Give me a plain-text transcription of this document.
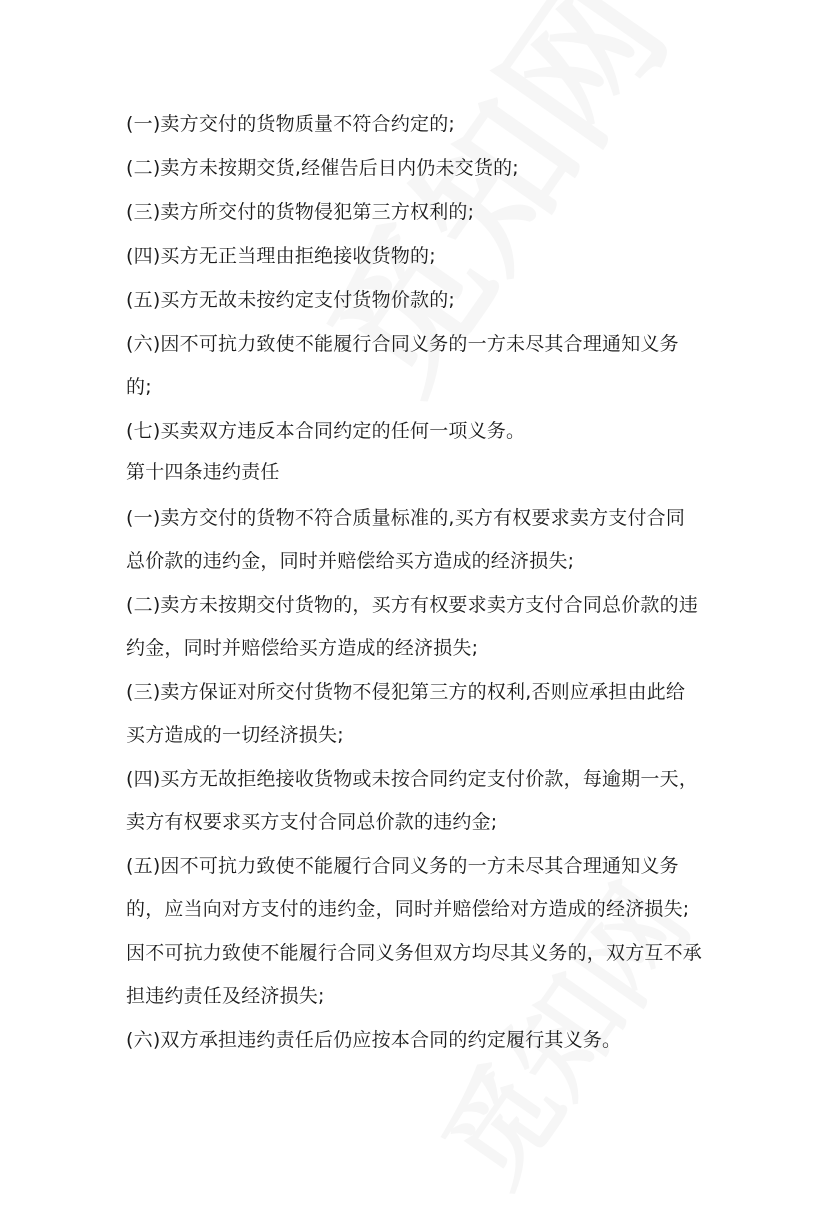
(一)卖方交付的货物质量不符合约定的;
(二)卖方未按期交货,经催告后日内仍未交货的;
(三)卖方所交付的货物侵犯第三方权利的;
(四)买方无正当理由拒绝接收货物的;
(五)买方无故未按约定支付货物价款的;
(六)因不可抗力致使不能履行合同义务的一方未尽其合理通知义务
的;
(七)买卖双方违反本合同约定的任何一项义务。
第十四条违约责任
(一)卖方交付的货物不符合质量标准的,买方有权要求卖方支付合同
总价款的违约金，同时并赔偿给买方造成的经济损失;
(二)卖方未按期交付货物的，买方有权要求卖方支付合同总价款的违
约金，同时并赔偿给买方造成的经济损失;
(三)卖方保证对所交付货物不侵犯第三方的权利,否则应承担由此给
买方造成的一切经济损失;
(四)买方无故拒绝接收货物或未按合同约定支付价款，每逾期一天，
卖方有权要求买方支付合同总价款的违约金;
(五)因不可抗力致使不能履行合同义务的一方未尽其合理通知义务
的，应当向对方支付的违约金，同时并赔偿给对方造成的经济损失;
因不可抗力致使不能履行合同义务但双方均尽其义务的，双方互不承
担违约责任及经济损失;
(六)双方承担违约责任后仍应按本合同的约定履行其义务。
